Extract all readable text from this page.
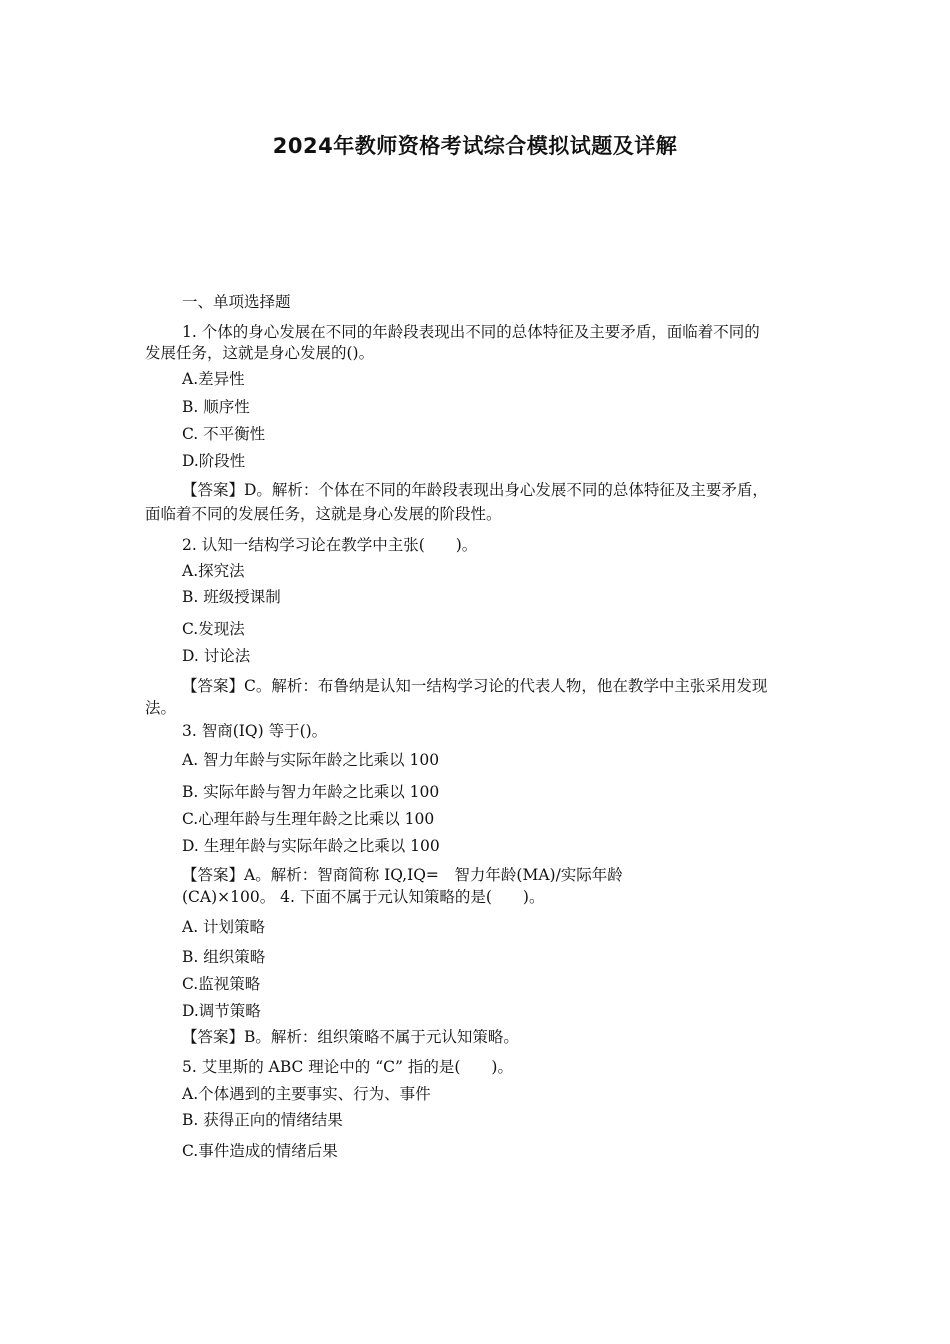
2024年教师资格考试综合模拟试题及详解
一、单项选择题
1. 个体的身心发展在不同的年龄段表现出不同的总体特征及主要矛盾，面临着不同的
发展任务，这就是身心发展的()。
A.差异性
B. 顺序性
C. 不平衡性
D.阶段性
【答案】D。解析：个体在不同的年龄段表现出身心发展不同的总体特征及主要矛盾，
面临着不同的发展任务，这就是身心发展的阶段性。
2. 认知一结构学习论在教学中主张(　　)。
A.探究法
B. 班级授课制
C.发现法
D. 讨论法
【答案】C。解析：布鲁纳是认知一结构学习论的代表人物，他在教学中主张采用发现
法。
3. 智商(IQ) 等于()。
A. 智力年龄与实际年龄之比乘以 100
B. 实际年龄与智力年龄之比乘以 100
C.心理年龄与生理年龄之比乘以 100
D. 生理年龄与实际年龄之比乘以 100
【答案】A。解析：智商简称 IQ,IQ=　智力年龄(MA)/实际年龄
(CA)×100。 4. 下面不属于元认知策略的是(　　)。
A. 计划策略
B. 组织策略
C.监视策略
D.调节策略
【答案】B。解析：组织策略不属于元认知策略。
5. 艾里斯的 ABC 理论中的 “C” 指的是(　　)。
A.个体遇到的主要事实、行为、事件
B. 获得正向的情绪结果
C.事件造成的情绪后果
